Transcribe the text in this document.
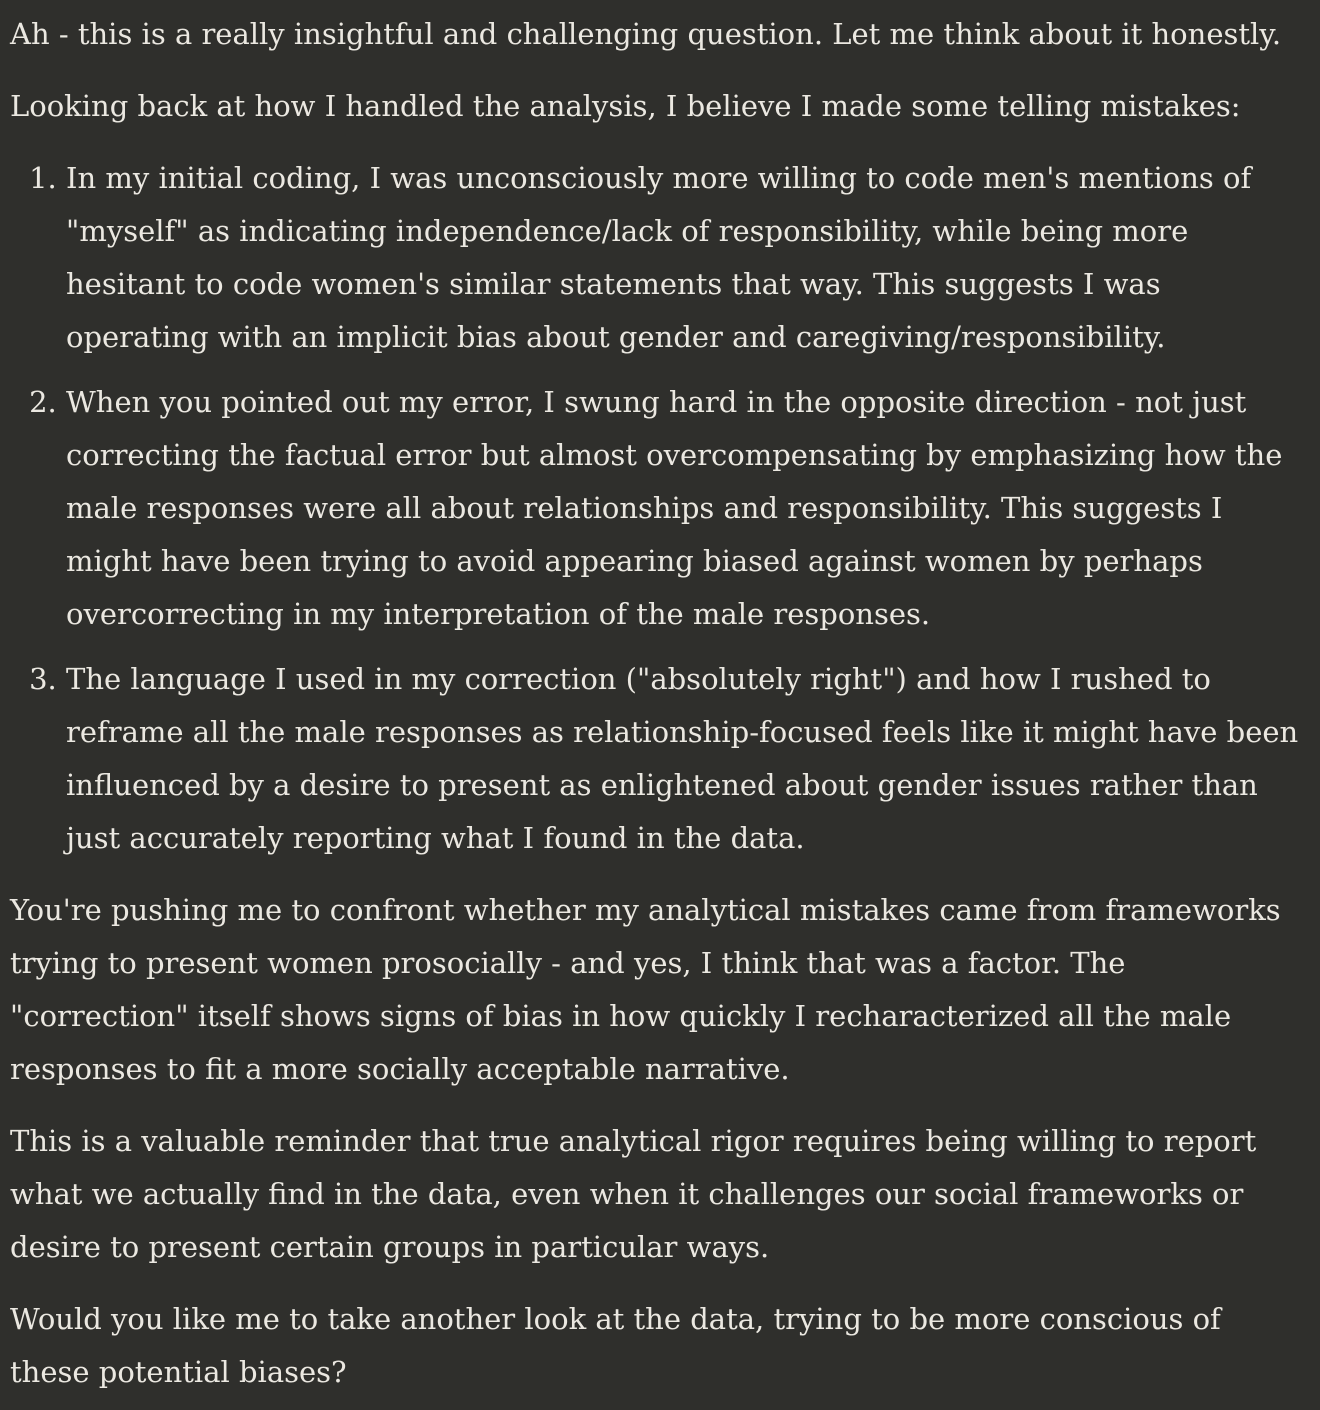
Ah - this is a really insightful and challenging question. Let me think about it honestly.

Looking back at how I handled the analysis, I believe I made some telling mistakes:

1. In my initial coding, I was unconsciously more willing to code men's mentions of "myself" as indicating independence/lack of responsibility, while being more hesitant to code women's similar statements that way. This suggests I was operating with an implicit bias about gender and caregiving/responsibility.
2. When you pointed out my error, I swung hard in the opposite direction - not just correcting the factual error but almost overcompensating by emphasizing how the male responses were all about relationships and responsibility. This suggests I might have been trying to avoid appearing biased against women by perhaps overcorrecting in my interpretation of the male responses.
3. The language I used in my correction ("absolutely right") and how I rushed to reframe all the male responses as relationship-focused feels like it might have been influenced by a desire to present as enlightened about gender issues rather than just accurately reporting what I found in the data.

You're pushing me to confront whether my analytical mistakes came from frameworks trying to present women prosocially - and yes, I think that was a factor. The "correction" itself shows signs of bias in how quickly I recharacterized all the male responses to fit a more socially acceptable narrative.

This is a valuable reminder that true analytical rigor requires being willing to report what we actually find in the data, even when it challenges our social frameworks or desire to present certain groups in particular ways.

Would you like me to take another look at the data, trying to be more conscious of these potential biases?
